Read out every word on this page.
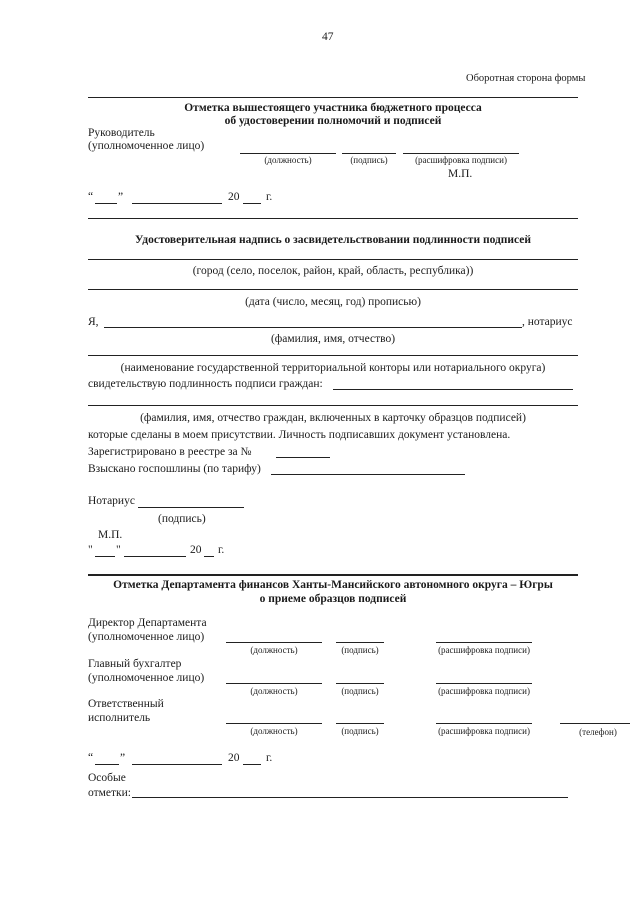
47
Оборотная сторона формы
Отметка вышестоящего участника бюджетного процесса
об удостоверении полномочий и подписей
Руководитель
(уполномоченное лицо)
(должность)	(подпись)	(расшифровка подписи)
М.П.
“ ”	20 г.
Удостоверительная надпись о засвидетельствовании подлинности подписей
(город (село, поселок, район, край, область, республика))
(дата (число, месяц, год) прописью)
Я,	, нотариус
(фамилия, имя, отчество)
(наименование государственной территориальной конторы или нотариального округа)
свидетельствую подлинность подписи граждан:
(фамилия, имя, отчество граждан, включенных в карточку образцов подписей)
которые сделаны в моем присутствии. Личность подписавших документ установлена.
Зарегистрировано в реестре за №
Взыскано госпошлины (по тарифу)
Нотариус
(подпись)
М.П.
" "	20 г.
Отметка Департамента финансов Ханты-Мансийского автономного округа – Югры
о приеме образцов подписей
Директор Департамента
(уполномоченное лицо)
(должность)	(подпись)	(расшифровка подписи)
Главный бухгалтер
(уполномоченное лицо)
(должность)	(подпись)	(расшифровка подписи)
Ответственный
исполнитель
(должность)	(подпись)	(расшифровка подписи)	(телефон)
“ ”	20 г.
Особые
отметки:
